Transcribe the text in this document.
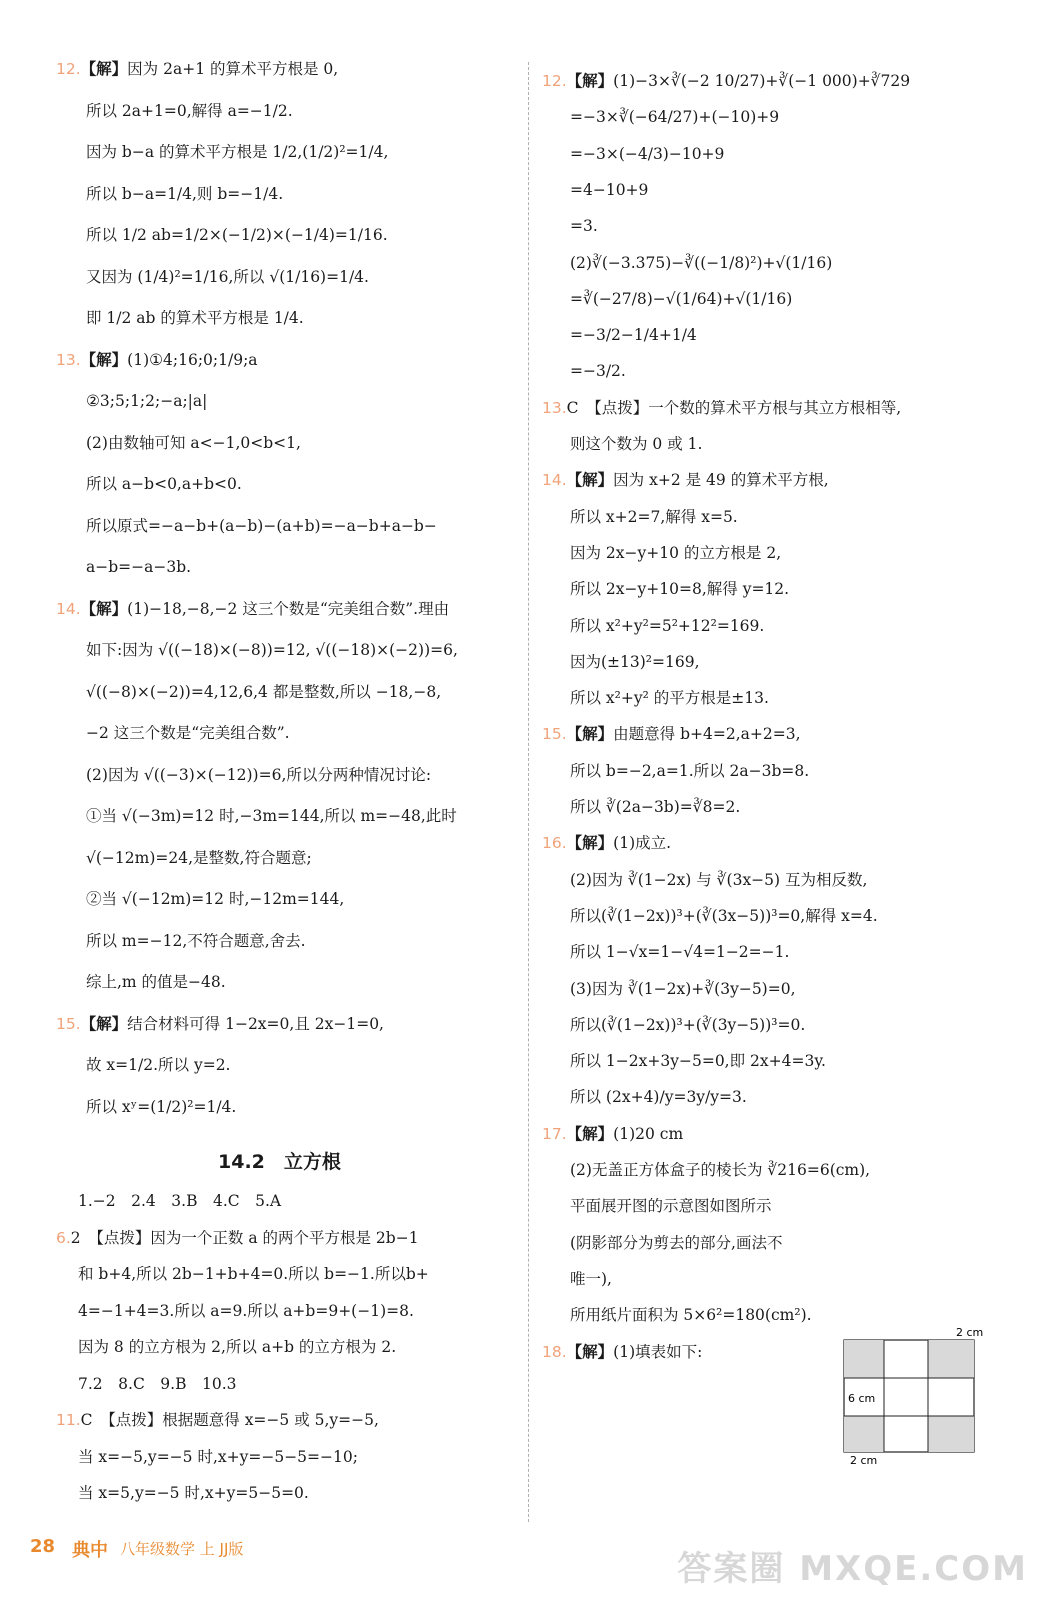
14.2　立方根
2 cm
6 cm
2 cm
28 典中 八年级数学 上 JJ版	答案圈 MXQE.COM
12.【解】因为 2a+1 的算术平方根是 0,
所以 2a+1=0,解得 a=−1/2.
因为 b−a 的算术平方根是 1/2,(1/2)²=1/4,
所以 b−a=1/4,则 b=−1/4.
所以 1/2 ab=1/2×(−1/2)×(−1/4)=1/16.
又因为 (1/4)²=1/16,所以 √(1/16)=1/4.
即 1/2 ab 的算术平方根是 1/4.
13.【解】(1)①4;16;0;1/9;a
②3;5;1;2;−a;|a|
(2)由数轴可知 a<−1,0<b<1,
所以 a−b<0,a+b<0.
所以原式=−a−b+(a−b)−(a+b)=−a−b+a−b−
a−b=−a−3b.
14.【解】(1)−18,−8,−2 这三个数是“完美组合数”.理由
如下:因为 √((−18)×(−8))=12, √((−18)×(−2))=6,
√((−8)×(−2))=4,12,6,4 都是整数,所以 −18,−8,
−2 这三个数是“完美组合数”.
(2)因为 √((−3)×(−12))=6,所以分两种情况讨论:
①当 √(−3m)=12 时,−3m=144,所以 m=−48,此时
√(−12m)=24,是整数,符合题意;
②当 √(−12m)=12 时,−12m=144,
所以 m=−12,不符合题意,舍去.
综上,m 的值是−48.
15.【解】结合材料可得 1−2x=0,且 2x−1=0,
故 x=1/2.所以 y=2.
所以 xʸ=(1/2)²=1/4.
1.−2　2.4　3.B　4.C　5.A
6.2　【点拨】因为一个正数 a 的两个平方根是 2b−1
和 b+4,所以 2b−1+b+4=0.所以 b=−1.所以b+
4=−1+4=3.所以 a=9.所以 a+b=9+(−1)=8.
因为 8 的立方根为 2,所以 a+b 的立方根为 2.
7.2　8.C　9.B　10.3
11.C　【点拨】根据题意得 x=−5 或 5,y=−5,
当 x=−5,y=−5 时,x+y=−5−5=−10;
当 x=5,y=−5 时,x+y=5−5=0.
12.【解】(1)−3×∛(−2 10/27)+∛(−1 000)+∛729
=−3×∛(−64/27)+(−10)+9
=−3×(−4/3)−10+9
=4−10+9
=3.
(2)∛(−3.375)−∛((−1/8)²)+√(1/16)
=∛(−27/8)−√(1/64)+√(1/16)
=−3/2−1/4+1/4
=−3/2.
13.C　【点拨】一个数的算术平方根与其立方根相等,
则这个数为 0 或 1.
14.【解】因为 x+2 是 49 的算术平方根,
所以 x+2=7,解得 x=5.
因为 2x−y+10 的立方根是 2,
所以 2x−y+10=8,解得 y=12.
所以 x²+y²=5²+12²=169.
因为(±13)²=169,
所以 x²+y² 的平方根是±13.
15.【解】由题意得 b+4=2,a+2=3,
所以 b=−2,a=1.所以 2a−3b=8.
所以 ∛(2a−3b)=∛8=2.
16.【解】(1)成立.
(2)因为 ∛(1−2x) 与 ∛(3x−5) 互为相反数,
所以(∛(1−2x))³+(∛(3x−5))³=0,解得 x=4.
所以 1−√x=1−√4=1−2=−1.
(3)因为 ∛(1−2x)+∛(3y−5)=0,
所以(∛(1−2x))³+(∛(3y−5))³=0.
所以 1−2x+3y−5=0,即 2x+4=3y.
所以 (2x+4)/y=3y/y=3.
17.【解】(1)20 cm
(2)无盖正方体盒子的棱长为 ∛216=6(cm),
平面展开图的示意图如图所示
(阴影部分为剪去的部分,画法不
唯一),
所用纸片面积为 5×6²=180(cm²).
18.【解】(1)填表如下:
